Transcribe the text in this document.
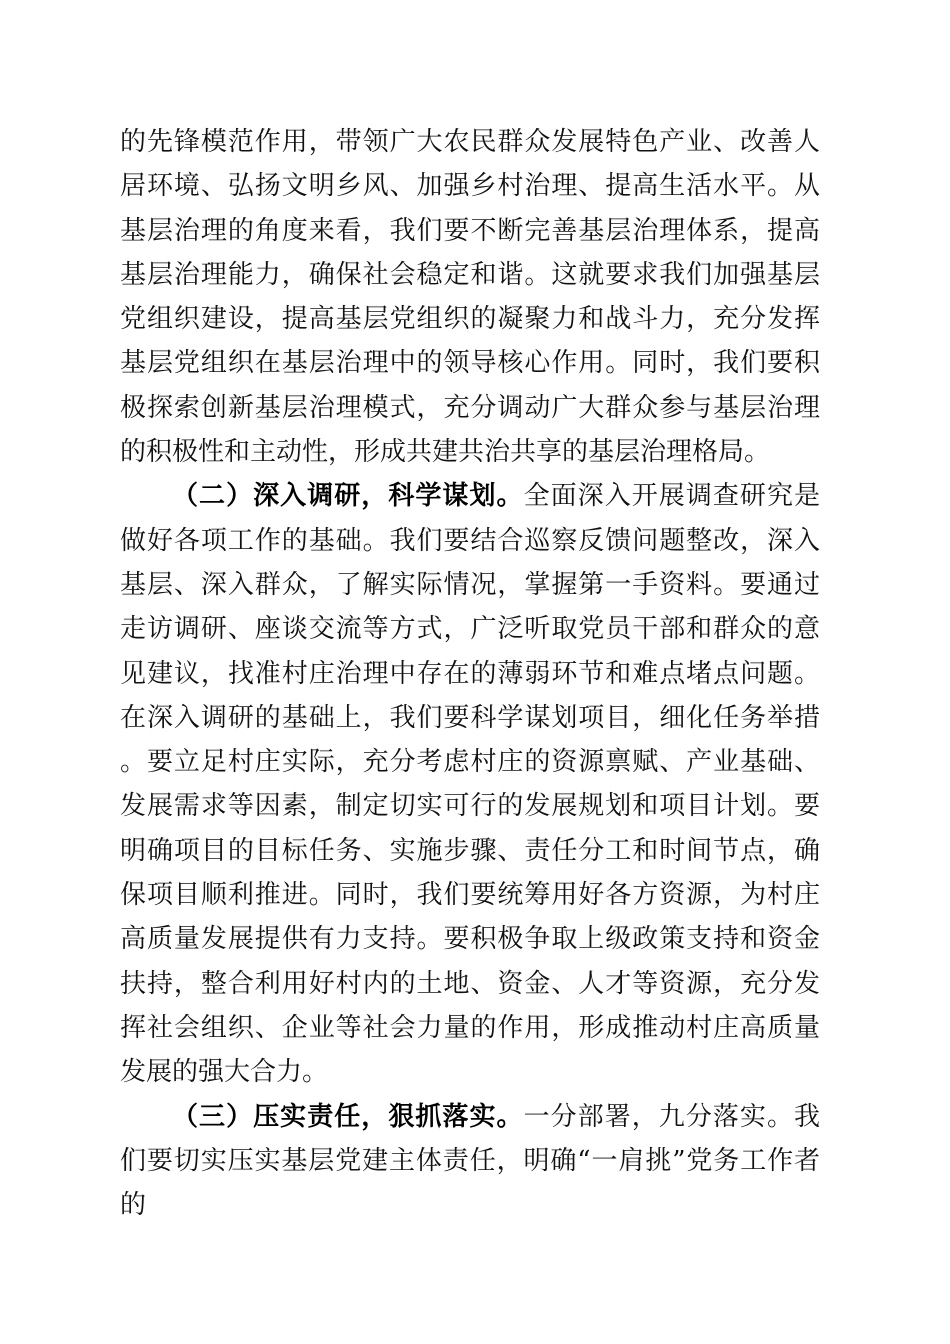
的先锋模范作用，带领广大农民群众发展特色产业、改善人居环境、弘扬文明乡风、加强乡村治理、提高生活水平。从基层治理的角度来看，我们要不断完善基层治理体系，提高基层治理能力，确保社会稳定和谐。这就要求我们加强基层党组织建设，提高基层党组织的凝聚力和战斗力，充分发挥基层党组织在基层治理中的领导核心作用。同时，我们要积极探索创新基层治理模式，充分调动广大群众参与基层治理的积极性和主动性，形成共建共治共享的基层治理格局。

（二）深入调研，科学谋划。全面深入开展调查研究是做好各项工作的基础。我们要结合巡察反馈问题整改，深入基层、深入群众，了解实际情况，掌握第一手资料。要通过走访调研、座谈交流等方式，广泛听取党员干部和群众的意见建议，找准村庄治理中存在的薄弱环节和难点堵点问题。在深入调研的基础上，我们要科学谋划项目，细化任务举措。要立足村庄实际，充分考虑村庄的资源禀赋、产业基础、发展需求等因素，制定切实可行的发展规划和项目计划。要明确项目的目标任务、实施步骤、责任分工和时间节点，确保项目顺利推进。同时，我们要统筹用好各方资源，为村庄高质量发展提供有力支持。要积极争取上级政策支持和资金扶持，整合利用好村内的土地、资金、人才等资源，充分发挥社会组织、企业等社会力量的作用，形成推动村庄高质量发展的强大合力。

（三）压实责任，狠抓落实。一分部署，九分落实。我们要切实压实基层党建主体责任，明确“一肩挑”党务工作者的
